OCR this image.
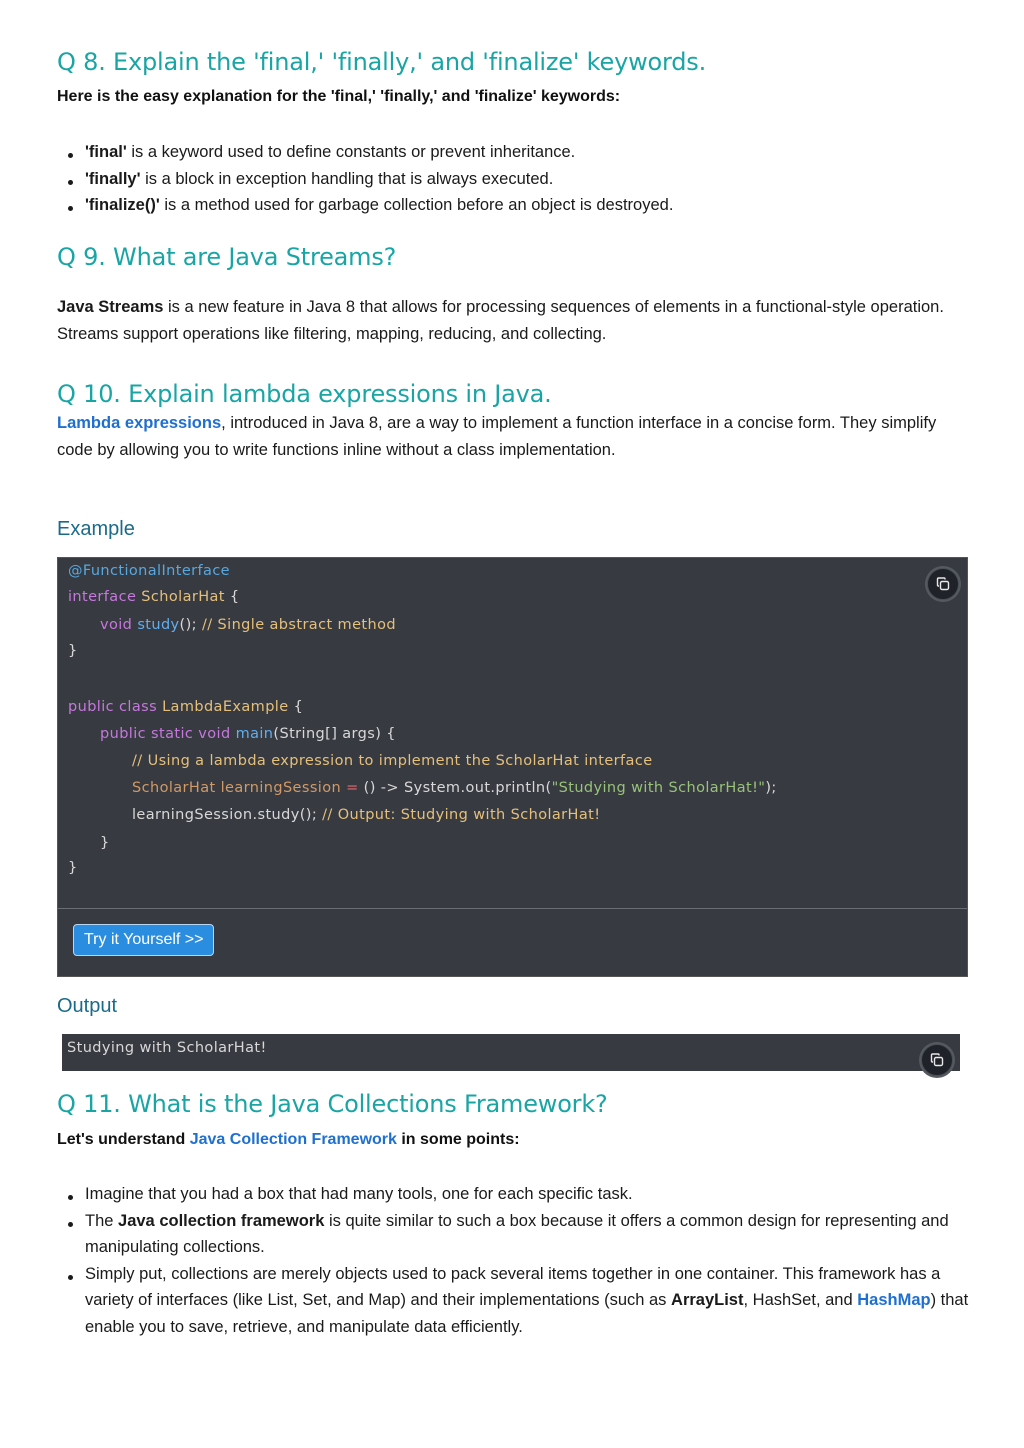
Q 8. Explain the 'final,' 'finally,' and 'finalize' keywords.

Here is the easy explanation for the 'final,' 'finally,' and 'finalize' keywords:

'final' is a keyword used to define constants or prevent inheritance.
'finally' is a block in exception handling that is always executed.
'finalize()' is a method used for garbage collection before an object is destroyed.
Q 9. What are Java Streams?

Java Streams is a new feature in Java 8 that allows for processing sequences of elements in a functional-style operation. Streams support operations like filtering, mapping, reducing, and collecting.

Q 10. Explain lambda expressions in Java.

Lambda expressions, introduced in Java 8, are a way to implement a function interface in a concise form. They simplify code by allowing you to write functions inline without a class implementation.

Example
@FunctionalInterface
interface ScholarHat {
void study(); // Single abstract method
}
public class LambdaExample {
public static void main(String[] args) {
// Using a lambda expression to implement the ScholarHat interface
ScholarHat learningSession = () -> System.out.println("Studying with ScholarHat!");
learningSession.study(); // Output: Studying with ScholarHat!
}
}
Try it Yourself >>
Output
Studying with ScholarHat!
Q 11. What is the Java Collections Framework?

Let's understand Java Collection Framework in some points:

Imagine that you had a box that had many tools, one for each specific task.
The Java collection framework is quite similar to such a box because it offers a common design for representing and manipulating collections.
Simply put, collections are merely objects used to pack several items together in one container. This framework has a variety of interfaces (like List, Set, and Map) and their implementations (such as ArrayList, HashSet, and HashMap) that enable you to save, retrieve, and manipulate data efficiently.
